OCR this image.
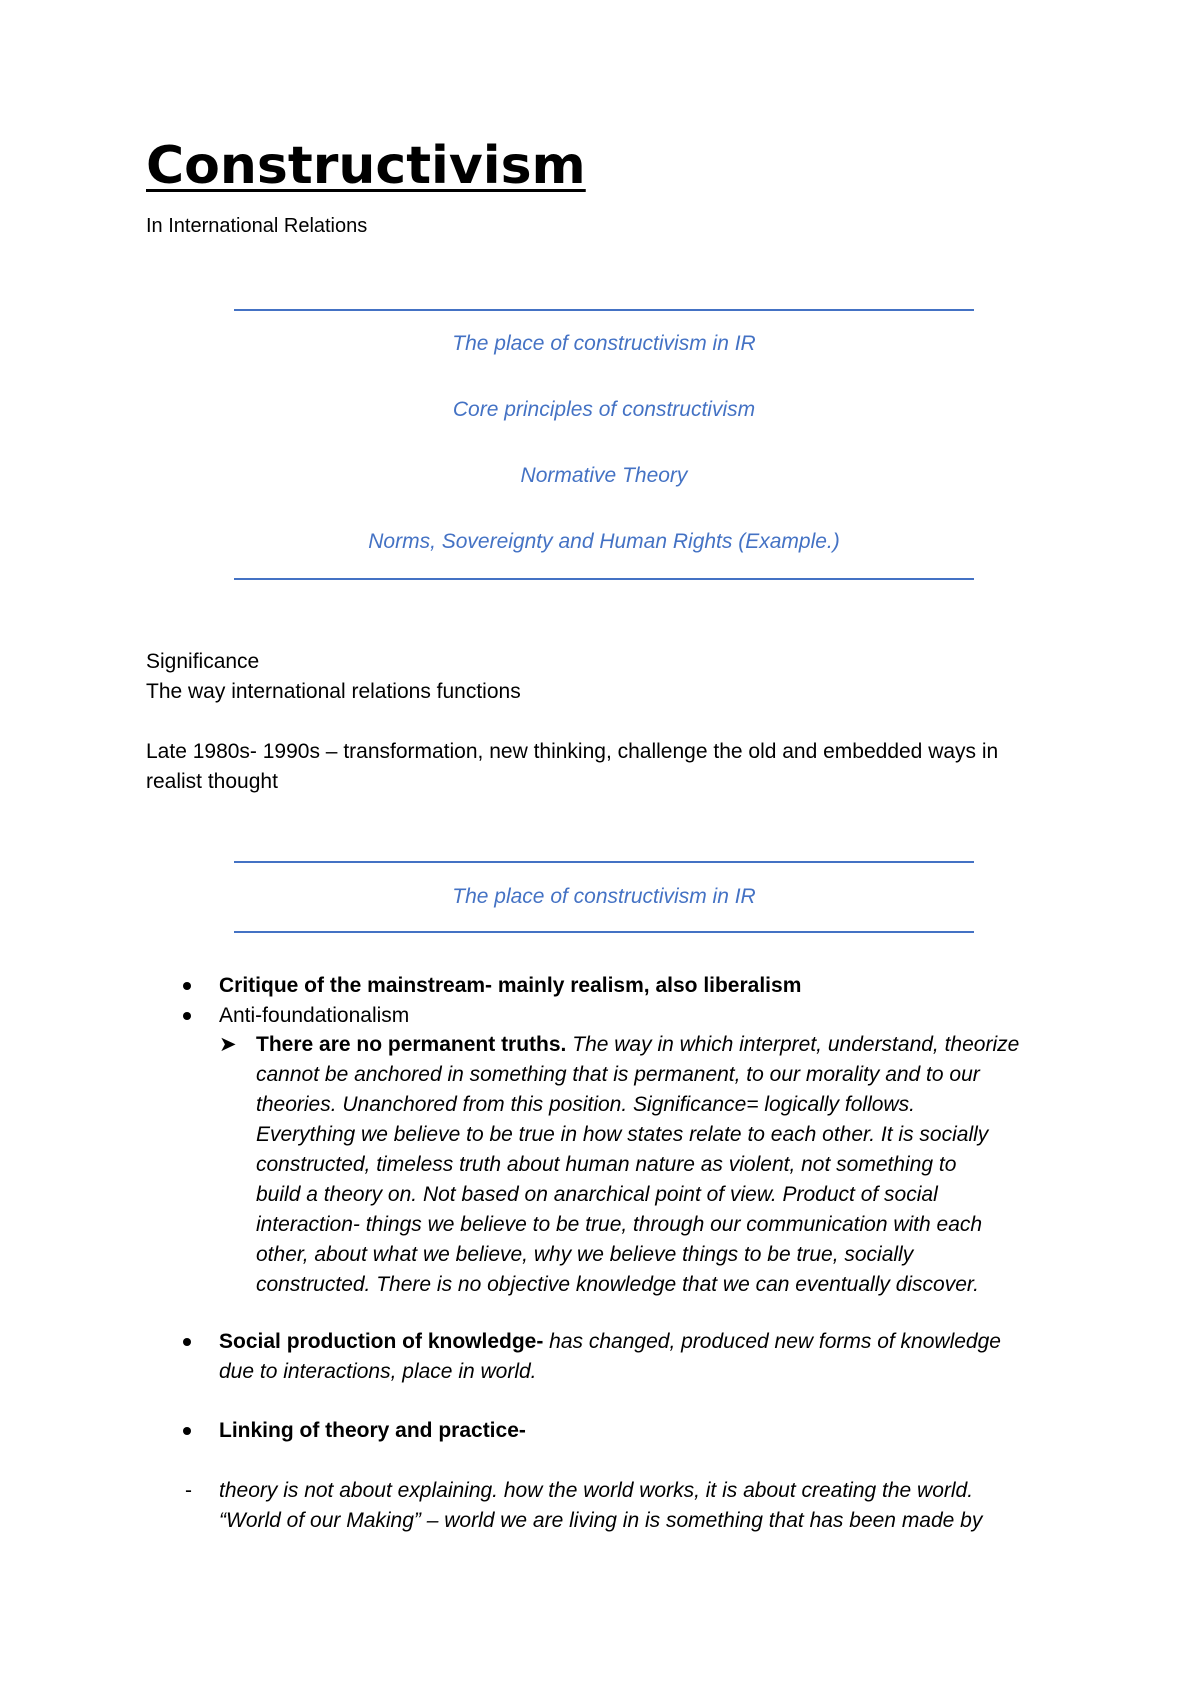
Constructivism
In International Relations
The place of constructivism in IR
Core principles of constructivism
Normative Theory
Norms, Sovereignty and Human Rights (Example.)
Significance
The way international relations functions
Late 1980s- 1990s – transformation, new thinking, challenge the old and embedded ways in
realist thought
The place of constructivism in IR
Critique of the mainstream- mainly realism, also liberalism
Anti-foundationalism
➤ There are no permanent truths. The way in which interpret, understand, theorize
cannot be anchored in something that is permanent, to our morality and to our
theories. Unanchored from this position. Significance= logically follows.
Everything we believe to be true in how states relate to each other. It is socially
constructed, timeless truth about human nature as violent, not something to
build a theory on. Not based on anarchical point of view. Product of social
interaction- things we believe to be true, through our communication with each
other, about what we believe, why we believe things to be true, socially
constructed. There is no objective knowledge that we can eventually discover.
Social production of knowledge- has changed, produced new forms of knowledge
due to interactions, place in world.
Linking of theory and practice-
- theory is not about explaining. how the world works, it is about creating the world.
“World of our Making” – world we are living in is something that has been made by
